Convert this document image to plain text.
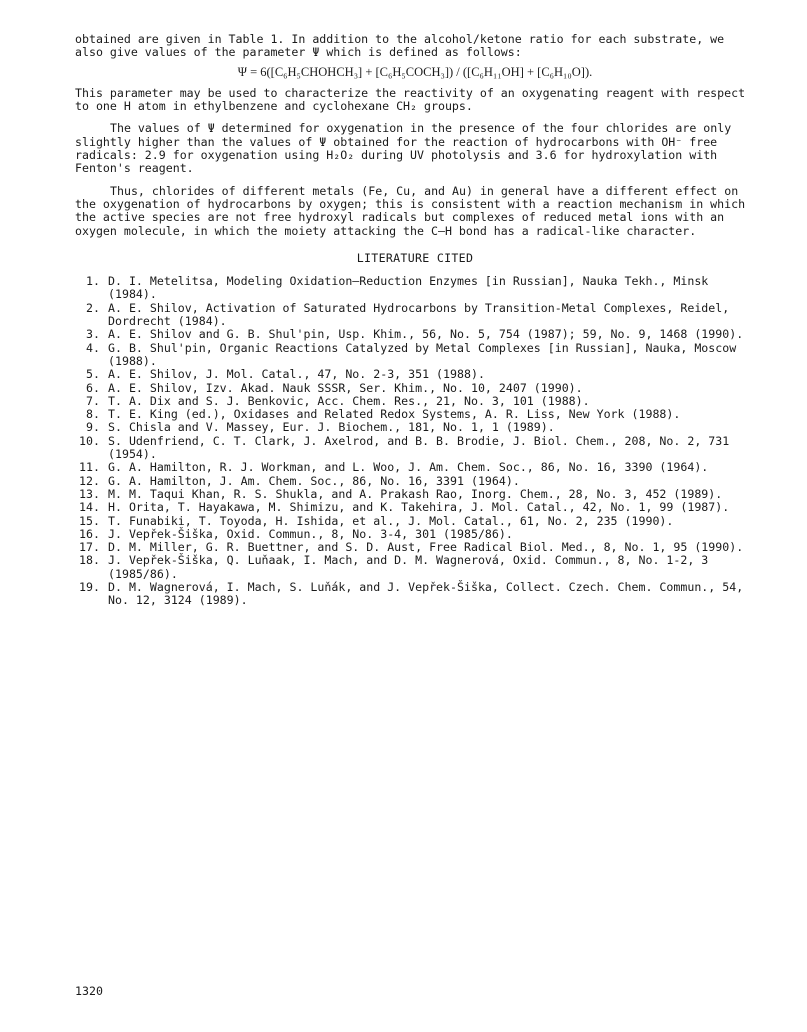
obtained are given in Table 1. In addition to the alcohol/ketone ratio for each substrate, we also give values of the parameter Ψ which is defined as follows:

Ψ = 6([C₆H₅CHOHCH₃] + [C₆H₅COCH₃]) / ([C₆H₁₁OH] + [C₆H₁₀O]).

This parameter may be used to characterize the reactivity of an oxygenating reagent with respect to one H atom in ethylbenzene and cyclohexane CH₂ groups.

The values of Ψ determined for oxygenation in the presence of the four chlorides are only slightly higher than the values of Ψ obtained for the reaction of hydrocarbons with OH⁻ free radicals: 2.9 for oxygenation using H₂O₂ during UV photolysis and 3.6 for hydroxylation with Fenton's reagent.

Thus, chlorides of different metals (Fe, Cu, and Au) in general have a different effect on the oxygenation of hydrocarbons by oxygen; this is consistent with a reaction mechanism in which the active species are not free hydroxyl radicals but complexes of reduced metal ions with an oxygen molecule, in which the moiety attacking the C–H bond has a radical-like character.

LITERATURE CITED
1. D. I. Metelitsa, Modeling Oxidation–Reduction Enzymes [in Russian], Nauka Tekh., Minsk (1984).
2. A. E. Shilov, Activation of Saturated Hydrocarbons by Transition-Metal Complexes, Reidel, Dordrecht (1984).
3. A. E. Shilov and G. B. Shul'pin, Usp. Khim., 56, No. 5, 754 (1987); 59, No. 9, 1468 (1990).
4. G. B. Shul'pin, Organic Reactions Catalyzed by Metal Complexes [in Russian], Nauka, Moscow (1988).
5. A. E. Shilov, J. Mol. Catal., 47, No. 2-3, 351 (1988).
6. A. E. Shilov, Izv. Akad. Nauk SSSR, Ser. Khim., No. 10, 2407 (1990).
7. T. A. Dix and S. J. Benkovic, Acc. Chem. Res., 21, No. 3, 101 (1988).
8. T. E. King (ed.), Oxidases and Related Redox Systems, A. R. Liss, New York (1988).
9. S. Chisla and V. Massey, Eur. J. Biochem., 181, No. 1, 1 (1989).
10. S. Udenfriend, C. T. Clark, J. Axelrod, and B. B. Brodie, J. Biol. Chem., 208, No. 2, 731 (1954).
11. G. A. Hamilton, R. J. Workman, and L. Woo, J. Am. Chem. Soc., 86, No. 16, 3390 (1964).
12. G. A. Hamilton, J. Am. Chem. Soc., 86, No. 16, 3391 (1964).
13. M. M. Taqui Khan, R. S. Shukla, and A. Prakash Rao, Inorg. Chem., 28, No. 3, 452 (1989).
14. H. Orita, T. Hayakawa, M. Shimizu, and K. Takehira, J. Mol. Catal., 42, No. 1, 99 (1987).
15. T. Funabiki, T. Toyoda, H. Ishida, et al., J. Mol. Catal., 61, No. 2, 235 (1990).
16. J. Vepřek-Šiška, Oxid. Commun., 8, No. 3-4, 301 (1985/86).
17. D. M. Miller, G. R. Buettner, and S. D. Aust, Free Radical Biol. Med., 8, No. 1, 95 (1990).
18. J. Vepřek-Šiška, Q. Luňaak, I. Mach, and D. M. Wagnerová, Oxid. Commun., 8, No. 1-2, 3 (1985/86).
19. D. M. Wagnerová, I. Mach, S. Luňák, and J. Vepřek-Šiška, Collect. Czech. Chem. Commun., 54, No. 12, 3124 (1989).
1320
